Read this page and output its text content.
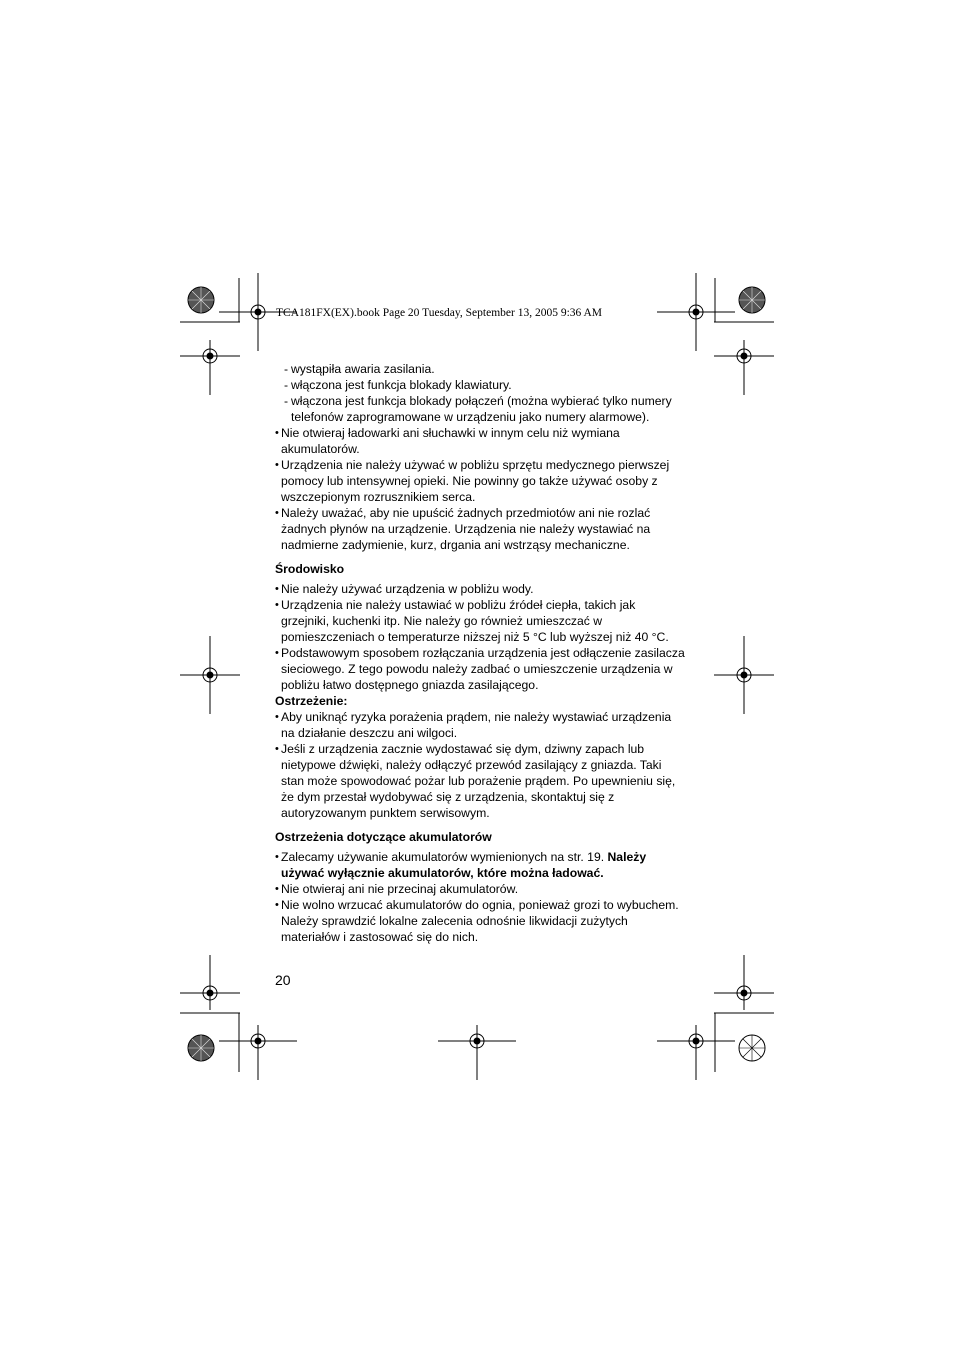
TCA181FX(EX).book Page 20 Tuesday, September 13, 2005 9:36 AM
- wystąpiła awaria zasilania.
- włączona jest funkcja blokady klawiatury.
- włączona jest funkcja blokady połączeń (można wybierać tylko numery telefonów zaprogramowane w urządzeniu jako numery alarmowe).
• Nie otwieraj ładowarki ani słuchawki w innym celu niż wymiana akumulatorów.
• Urządzenia nie należy używać w pobliżu sprzętu medycznego pierwszej pomocy lub intensywnej opieki. Nie powinny go także używać osoby z wszczepionym rozrusznikiem serca.
• Należy uważać, aby nie upuścić żadnych przedmiotów ani nie rozlać żadnych płynów na urządzenie. Urządzenia nie należy wystawiać na nadmierne zadymienie, kurz, drgania ani wstrząsy mechaniczne.
Środowisko
• Nie należy używać urządzenia w pobliżu wody.
• Urządzenia nie należy ustawiać w pobliżu źródeł ciepła, takich jak grzejniki, kuchenki itp. Nie należy go również umieszczać w pomieszczeniach o temperaturze niższej niż 5 °C lub wyższej niż 40 °C.
• Podstawowym sposobem rozłączania urządzenia jest odłączenie zasilacza sieciowego. Z tego powodu należy zadbać o umieszczenie urządzenia w pobliżu łatwo dostępnego gniazda zasilającego.
Ostrzeżenie:
• Aby uniknąć ryzyka porażenia prądem, nie należy wystawiać urządzenia na działanie deszczu ani wilgoci.
• Jeśli z urządzenia zacznie wydostawać się dym, dziwny zapach lub nietypowe dźwięki, należy odłączyć przewód zasilający z gniazda. Taki stan może spowodować pożar lub porażenie prądem. Po upewnieniu się, że dym przestał wydobywać się z urządzenia, skontaktuj się z autoryzowanym punktem serwisowym.
Ostrzeżenia dotyczące akumulatorów
• Zalecamy używanie akumulatorów wymienionych na str. 19. Należy używać wyłącznie akumulatorów, które można ładować.
• Nie otwieraj ani nie przecinaj akumulatorów.
• Nie wolno wrzucać akumulatorów do ognia, ponieważ grozi to wybuchem. Należy sprawdzić lokalne zalecenia odnośnie likwidacji zużytych materiałów i zastosować się do nich.
20
